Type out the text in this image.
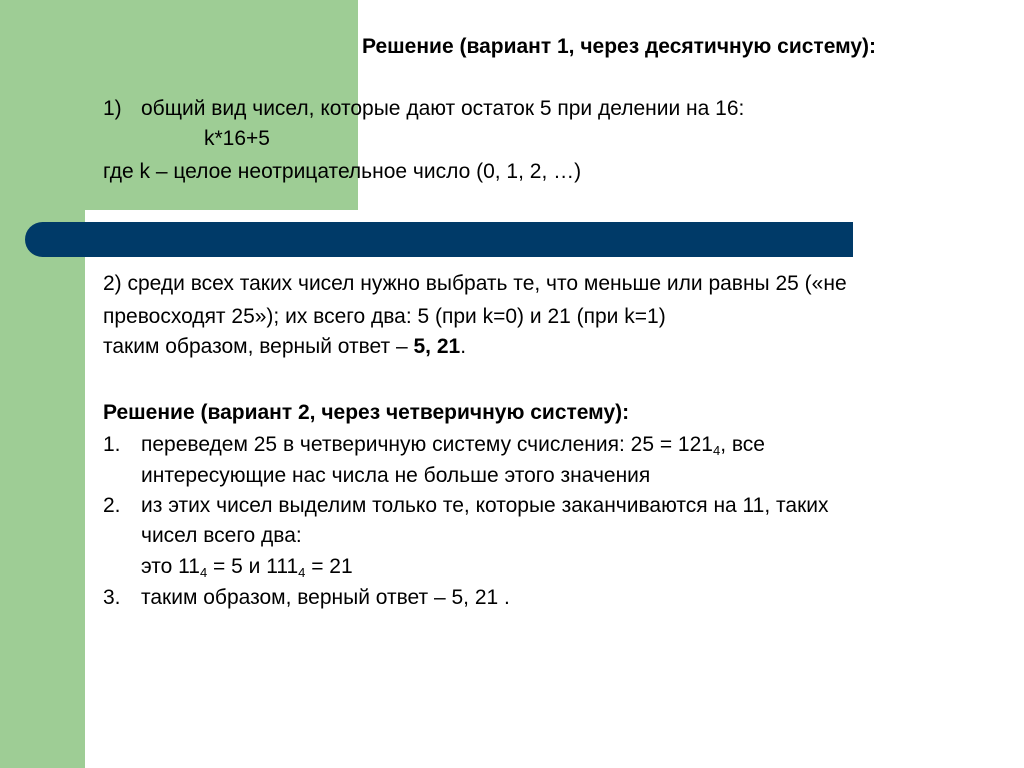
Решение (вариант 1, через десятичную систему):
1) общий вид чисел, которые дают остаток 5 при делении на 16:
k*16+5
где k – целое неотрицательное число (0, 1, 2, …)
2) среди всех таких чисел нужно выбрать те, что меньше или равны 25 («не
превосходят 25»); их всего два: 5 (при k=0) и 21 (при k=1)
таким образом, верный ответ – 5, 21.
Решение (вариант 2, через четверичную систему):
1. переведем 25 в четверичную систему счисления: $25 = 121_4$, все
интересующие нас числа не больше этого значения
2. из этих чисел выделим только те, которые заканчиваются на 11, таких
чисел всего два:
это $11_4 = 5$ и $111_4 = 21$
3. таким образом, верный ответ – 5, 21 .
